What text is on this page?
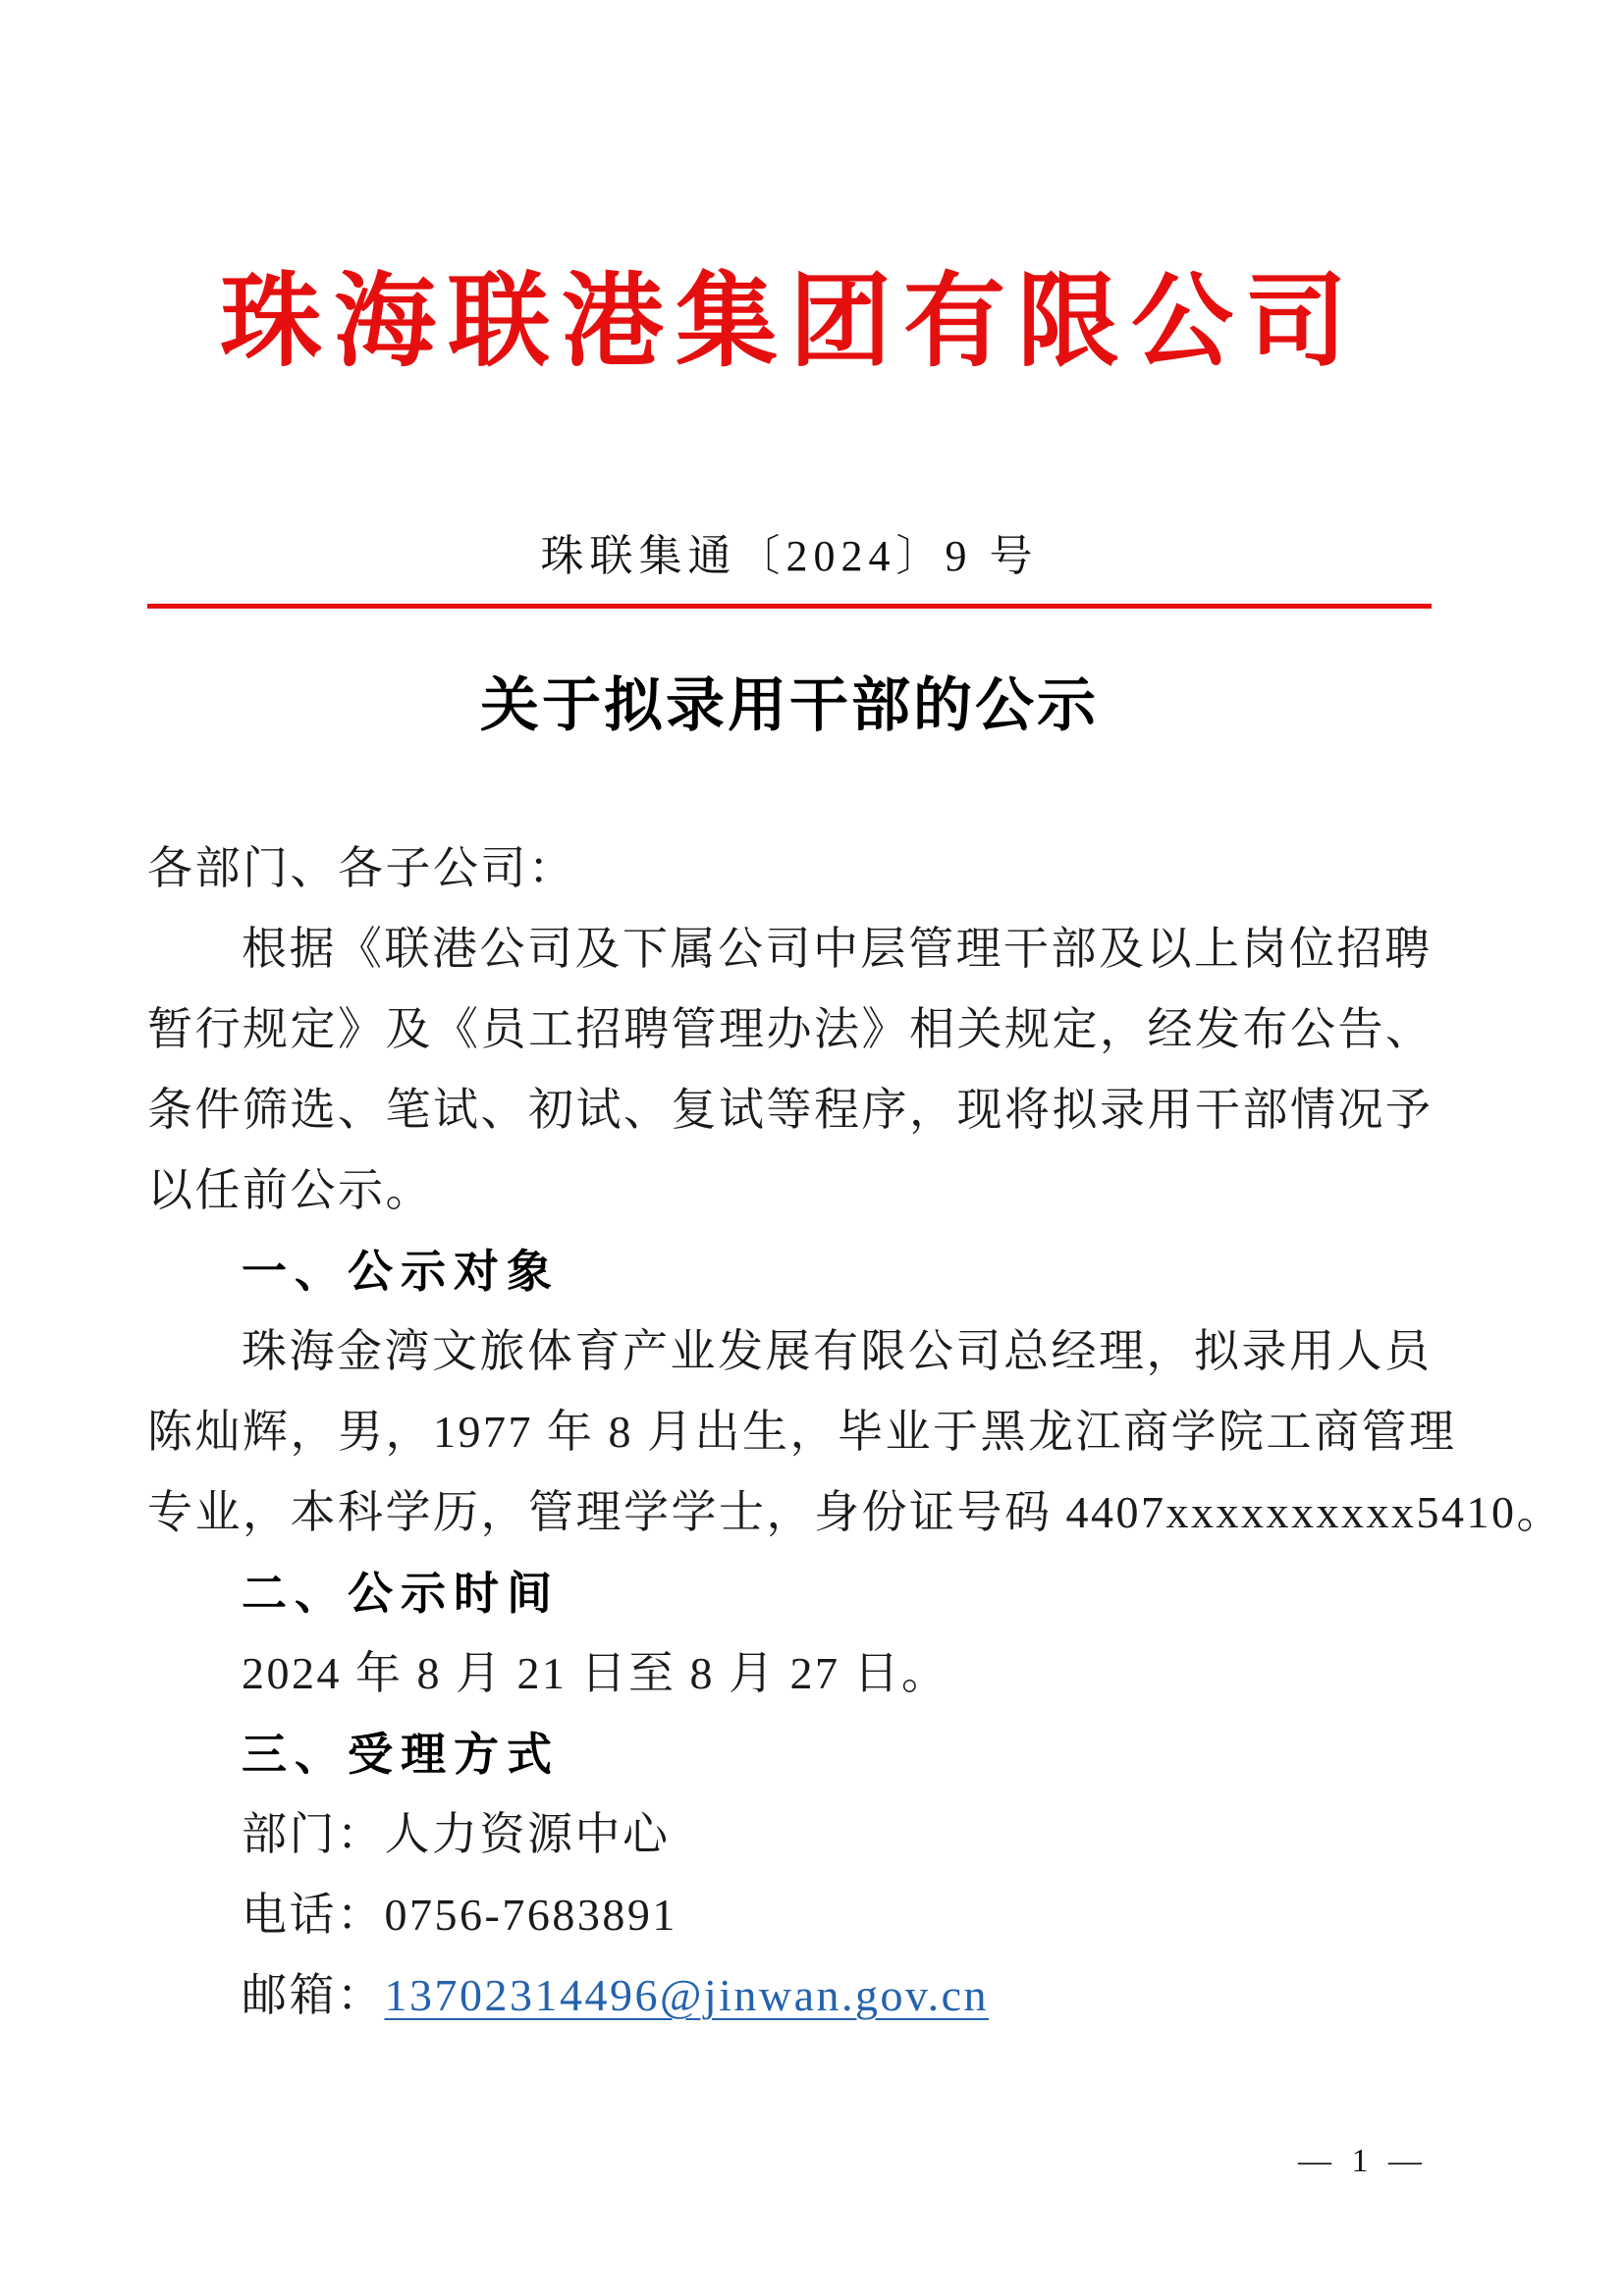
珠海联港集团有限公司
珠联集通〔2024〕9 号
关于拟录用干部的公示
各部门、各子公司：
根据《联港公司及下属公司中层管理干部及以上岗位招聘
暂行规定》及《员工招聘管理办法》相关规定，经发布公告、
条件筛选、笔试、初试、复试等程序，现将拟录用干部情况予
以任前公示。
一、公示对象
珠海金湾文旅体育产业发展有限公司总经理，拟录用人员
陈灿辉，男，1977 年 8 月出生，毕业于黑龙江商学院工商管理
专业，本科学历，管理学学士，身份证号码 4407xxxxxxxxxx5410。
二、公示时间
2024 年 8 月 21 日至 8 月 27 日。
三、受理方式
部门：人力资源中心
电话：0756-7683891
邮箱：13702314496@jinwan.gov.cn
— 1 —
